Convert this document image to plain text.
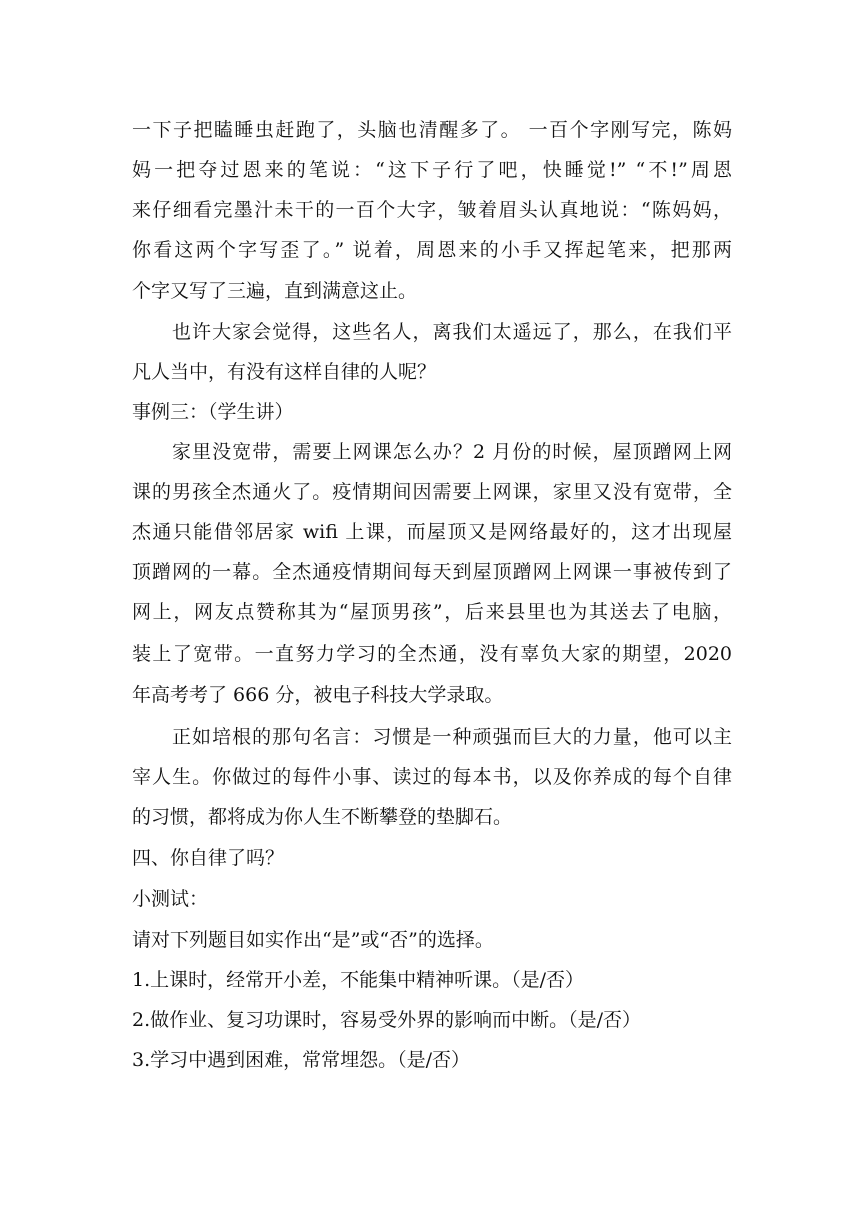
一下子把瞌睡虫赶跑了，头脑也清醒多了。 一百个字刚写完，陈妈
妈一把夺过恩来的笔说：“这下子行了吧，快睡觉!” “不!”周恩
来仔细看完墨汁未干的一百个大字，皱着眉头认真地说：“陈妈妈，
你看这两个字写歪了。” 说着，周恩来的小手又挥起笔来，把那两
个字又写了三遍，直到满意这止。
也许大家会觉得，这些名人，离我们太遥远了，那么，在我们平
凡人当中，有没有这样自律的人呢？
事例三：（学生讲）
家里没宽带，需要上网课怎么办？2 月份的时候，屋顶蹭网上网
课的男孩全杰通火了。疫情期间因需要上网课，家里又没有宽带，全
杰通只能借邻居家 wifi 上课，而屋顶又是网络最好的，这才出现屋
顶蹭网的一幕。全杰通疫情期间每天到屋顶蹭网上网课一事被传到了
网上，网友点赞称其为“屋顶男孩”，后来县里也为其送去了电脑，
装上了宽带。一直努力学习的全杰通，没有辜负大家的期望，2020
年高考考了 666 分，被电子科技大学录取。
正如培根的那句名言：习惯是一种顽强而巨大的力量，他可以主
宰人生。你做过的每件小事、读过的每本书，以及你养成的每个自律
的习惯，都将成为你人生不断攀登的垫脚石。
四、你自律了吗？
小测试：
请对下列题目如实作出“是”或“否”的选择。
1.上课时，经常开小差，不能集中精神听课。（是/否）
2.做作业、复习功课时，容易受外界的影响而中断。（是/否）
3.学习中遇到困难，常常埋怨。（是/否）
